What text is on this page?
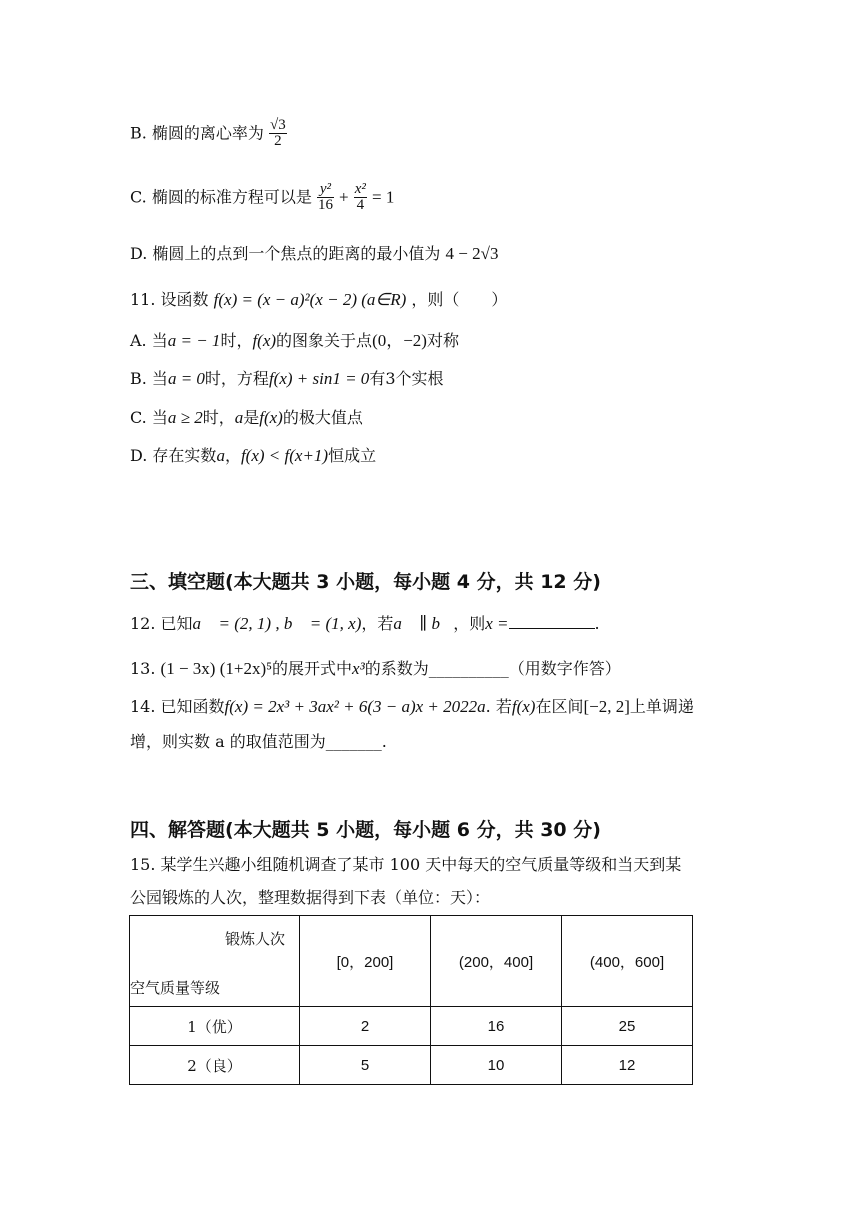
B. 椭圆的离心率为 $\frac{√3}{2}$
C. 椭圆的标准方程可以是 $\frac{\text{y²}}{16} + \frac{\text{x²}}{4} = 1$
D. 椭圆上的点到一个焦点的距离的最小值为 4 − 2√3
11. 设函数 f(x) = (x − a)²(x − 2) (a∈R) ，则（　　）
A. 当a = − 1时，f(x)的图象关于点(0，−2)对称
B. 当a = 0时，方程f(x) + sin1 = 0有3个实根
C. 当a ≥ 2时，a是f(x)的极大值点
D. 存在实数a，f(x) < f(x+1)恒成立
三、填空题(本大题共 3 小题，每小题 4 分，共 12 分)
12. 已知a⃗ = (2, 1) , b⃗ = (1, x)，若a⃗ ∥ b⃗，则x =	.
13. (1 − 3x) (1+2x)⁵的展开式中x³的系数为__________（用数字作答）
14. 已知函数f(x) = 2x³ + 3ax² + 6(3 − a)x + 2022a. 若f(x)在区间[−2, 2]上单调递
增，则实数 a 的取值范围为_______.
四、解答题(本大题共 5 小题，每小题 6 分，共 30 分)
15. 某学生兴趣小组随机调查了某市 100 天中每天的空气质量等级和当天到某
公园锻炼的人次，整理数据得到下表（单位：天）：
锻炼人次
空气质量等级	[0，200]	(200，400]	(400，600]
1（优）	2	16	25
2（良）	5	10	12
